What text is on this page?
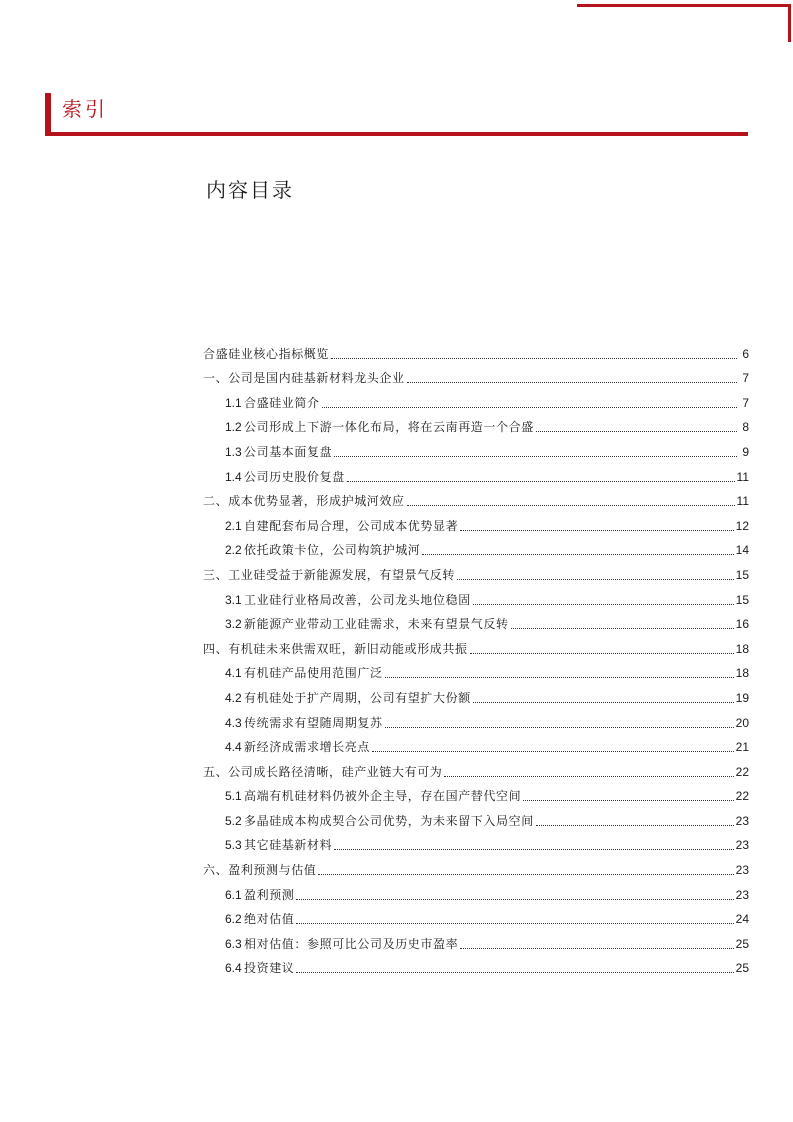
索引
内容目录
合盛硅业核心指标概览	6
一、公司是国内硅基新材料龙头企业	7
1.1 合盛硅业简介	7
1.2 公司形成上下游一体化布局，将在云南再造一个合盛	8
1.3 公司基本面复盘	9
1.4 公司历史股价复盘	11
二、成本优势显著，形成护城河效应	11
2.1 自建配套布局合理，公司成本优势显著	12
2.2 依托政策卡位，公司构筑护城河	14
三、工业硅受益于新能源发展，有望景气反转	15
3.1 工业硅行业格局改善，公司龙头地位稳固	15
3.2 新能源产业带动工业硅需求，未来有望景气反转	16
四、有机硅未来供需双旺，新旧动能或形成共振	18
4.1 有机硅产品使用范围广泛	18
4.2 有机硅处于扩产周期，公司有望扩大份额	19
4.3 传统需求有望随周期复苏	20
4.4 新经济成需求增长亮点	21
五、公司成长路径清晰，硅产业链大有可为	22
5.1 高端有机硅材料仍被外企主导，存在国产替代空间	22
5.2 多晶硅成本构成契合公司优势，为未来留下入局空间	23
5.3 其它硅基新材料	23
六、盈利预测与估值	23
6.1 盈利预测	23
6.2 绝对估值	24
6.3 相对估值：参照可比公司及历史市盈率	25
6.4 投资建议	25
